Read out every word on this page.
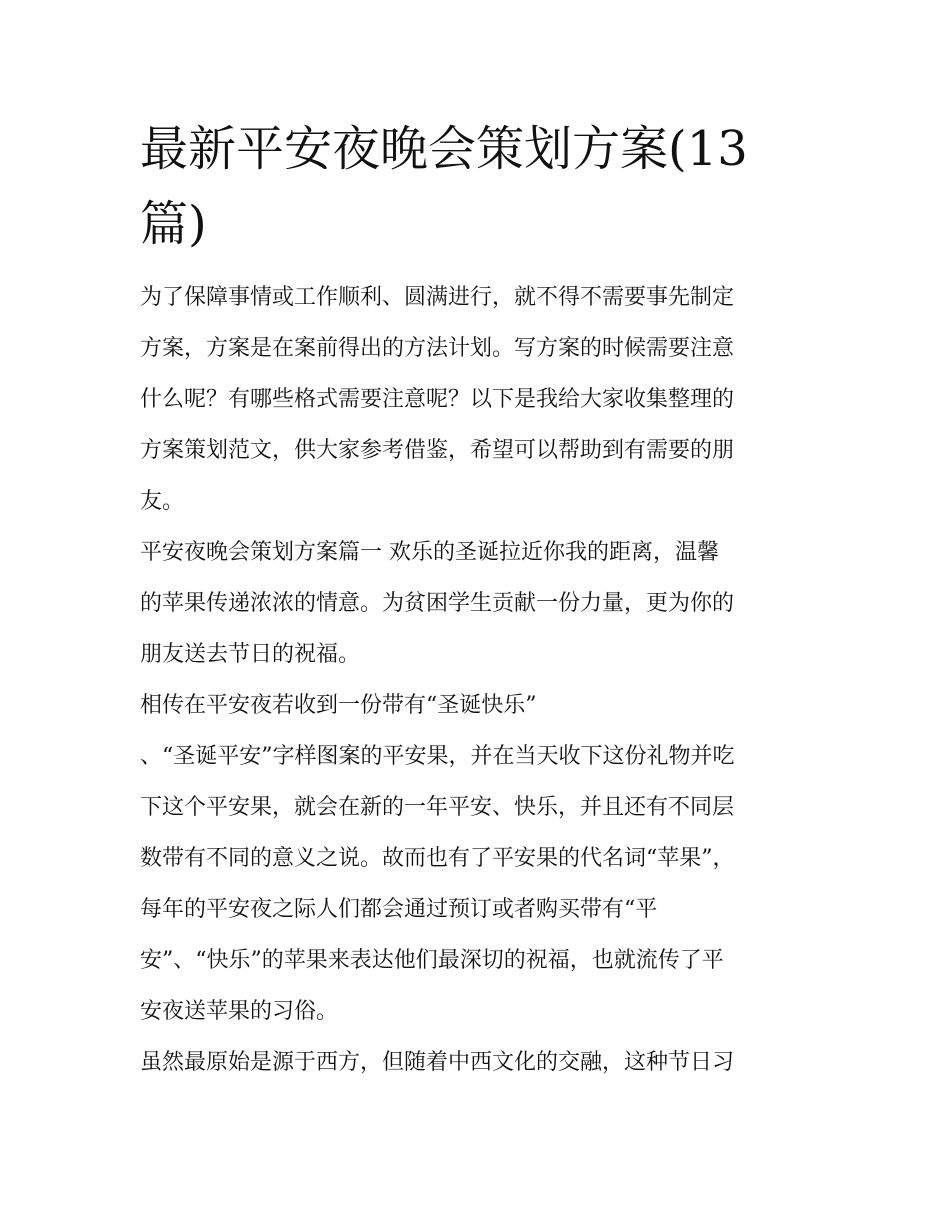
最新平安夜晚会策划方案(13
篇)

为了保障事情或工作顺利、圆满进行，就不得不需要事先制定
方案，方案是在案前得出的方法计划。写方案的时候需要注意
什么呢？有哪些格式需要注意呢？以下是我给大家收集整理的
方案策划范文，供大家参考借鉴，希望可以帮助到有需要的朋
友。

平安夜晚会策划方案篇一 欢乐的圣诞拉近你我的距离，温馨
的苹果传递浓浓的情意。为贫困学生贡献一份力量，更为你的
朋友送去节日的祝福。

相传在平安夜若收到一份带有“圣诞快乐”
、“圣诞平安”字样图案的平安果，并在当天收下这份礼物并吃
下这个平安果，就会在新的一年平安、快乐，并且还有不同层
数带有不同的意义之说。故而也有了平安果的代名词“苹果”，
每年的平安夜之际人们都会通过预订或者购买带有“平
安”、“快乐”的苹果来表达他们最深切的祝福，也就流传了平
安夜送苹果的习俗。

虽然最原始是源于西方，但随着中西文化的交融，这种节日习
